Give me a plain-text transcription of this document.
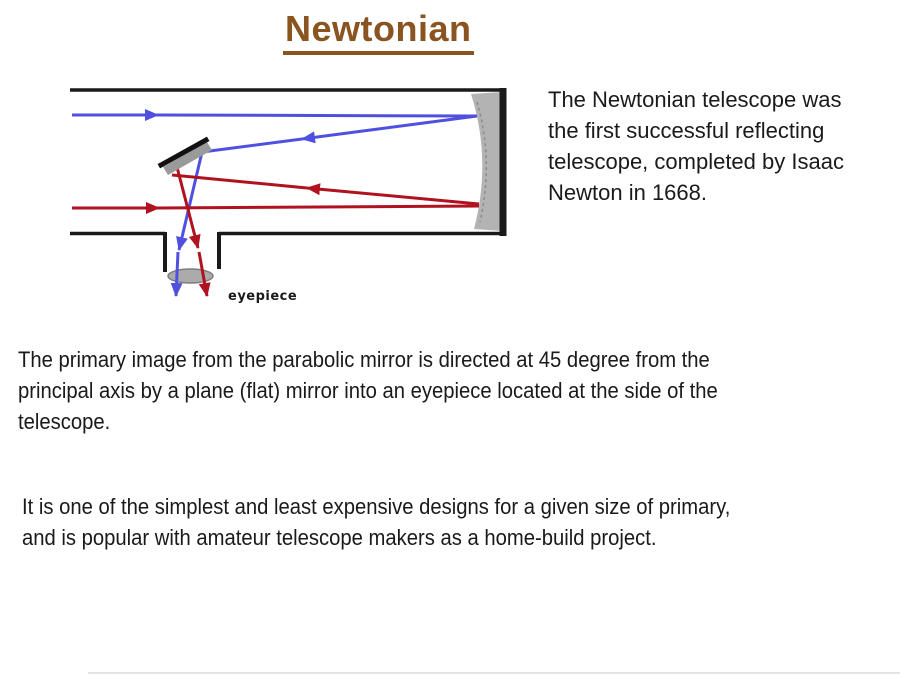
Newtonian
eyepiece
The Newtonian telescope was
the first successful reflecting
telescope, completed by Isaac
Newton in 1668.
The primary image from the parabolic mirror is directed at 45 degree from the
principal axis by a plane (flat) mirror into an eyepiece located at the side of the
telescope.
It is one of the simplest and least expensive designs for a given size of primary,
and is popular with amateur telescope makers as a home-build project.
